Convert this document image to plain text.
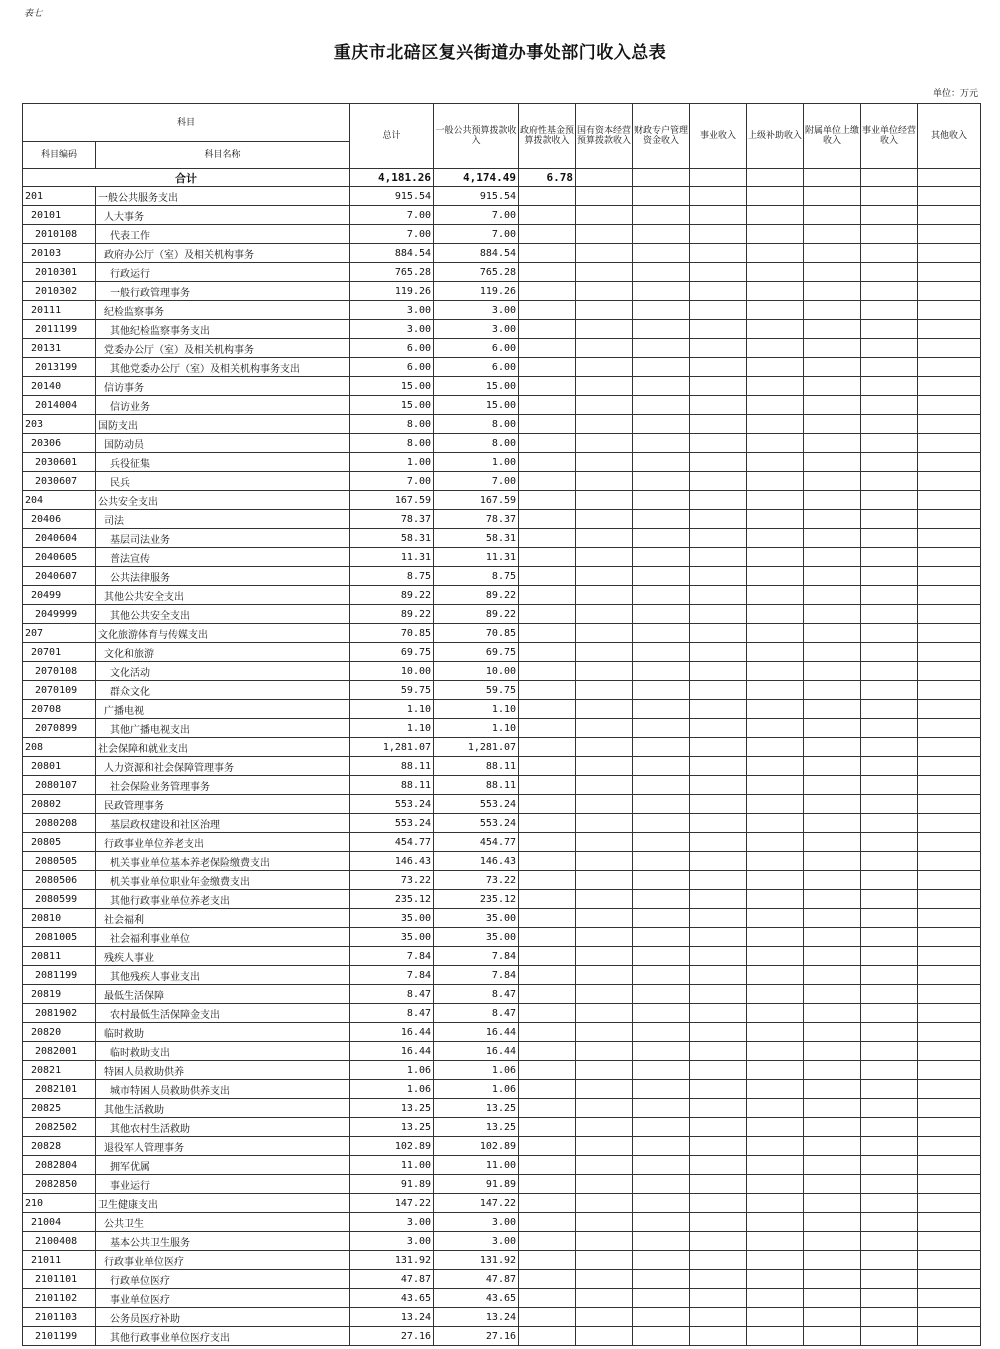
表七
重庆市北碚区复兴街道办事处部门收入总表
单位：万元
科目		总计	一般公共预算拨款收入	政府性基金预算拨款收入	国有资本经营预算拨款收入	财政专户管理资金收入	事业收入	上级补助收入	附属单位上缴收入	事业单位经营收入	其他收入
科目编码	科目名称										
合计		4,181.26	4,174.49	6.78							
201	一般公共服务支出	915.54	915.54								
20101	人大事务	7.00	7.00								
2010108	代表工作	7.00	7.00								
20103	政府办公厅（室）及相关机构事务	884.54	884.54								
2010301	行政运行	765.28	765.28								
2010302	一般行政管理事务	119.26	119.26								
20111	纪检监察事务	3.00	3.00								
2011199	其他纪检监察事务支出	3.00	3.00								
20131	党委办公厅（室）及相关机构事务	6.00	6.00								
2013199	其他党委办公厅（室）及相关机构事务支出	6.00	6.00								
20140	信访事务	15.00	15.00								
2014004	信访业务	15.00	15.00								
203	国防支出	8.00	8.00								
20306	国防动员	8.00	8.00								
2030601	兵役征集	1.00	1.00								
2030607	民兵	7.00	7.00								
204	公共安全支出	167.59	167.59								
20406	司法	78.37	78.37								
2040604	基层司法业务	58.31	58.31								
2040605	普法宣传	11.31	11.31								
2040607	公共法律服务	8.75	8.75								
20499	其他公共安全支出	89.22	89.22								
2049999	其他公共安全支出	89.22	89.22								
207	文化旅游体育与传媒支出	70.85	70.85								
20701	文化和旅游	69.75	69.75								
2070108	文化活动	10.00	10.00								
2070109	群众文化	59.75	59.75								
20708	广播电视	1.10	1.10								
2070899	其他广播电视支出	1.10	1.10								
208	社会保障和就业支出	1,281.07	1,281.07								
20801	人力资源和社会保障管理事务	88.11	88.11								
2080107	社会保险业务管理事务	88.11	88.11								
20802	民政管理事务	553.24	553.24								
2080208	基层政权建设和社区治理	553.24	553.24								
20805	行政事业单位养老支出	454.77	454.77								
2080505	机关事业单位基本养老保险缴费支出	146.43	146.43								
2080506	机关事业单位职业年金缴费支出	73.22	73.22								
2080599	其他行政事业单位养老支出	235.12	235.12								
20810	社会福利	35.00	35.00								
2081005	社会福利事业单位	35.00	35.00								
20811	残疾人事业	7.84	7.84								
2081199	其他残疾人事业支出	7.84	7.84								
20819	最低生活保障	8.47	8.47								
2081902	农村最低生活保障金支出	8.47	8.47								
20820	临时救助	16.44	16.44								
2082001	临时救助支出	16.44	16.44								
20821	特困人员救助供养	1.06	1.06								
2082101	城市特困人员救助供养支出	1.06	1.06								
20825	其他生活救助	13.25	13.25								
2082502	其他农村生活救助	13.25	13.25								
20828	退役军人管理事务	102.89	102.89								
2082804	拥军优属	11.00	11.00								
2082850	事业运行	91.89	91.89								
210	卫生健康支出	147.22	147.22								
21004	公共卫生	3.00	3.00								
2100408	基本公共卫生服务	3.00	3.00								
21011	行政事业单位医疗	131.92	131.92								
2101101	行政单位医疗	47.87	47.87								
2101102	事业单位医疗	43.65	43.65								
2101103	公务员医疗补助	13.24	13.24								
2101199	其他行政事业单位医疗支出	27.16	27.16								
